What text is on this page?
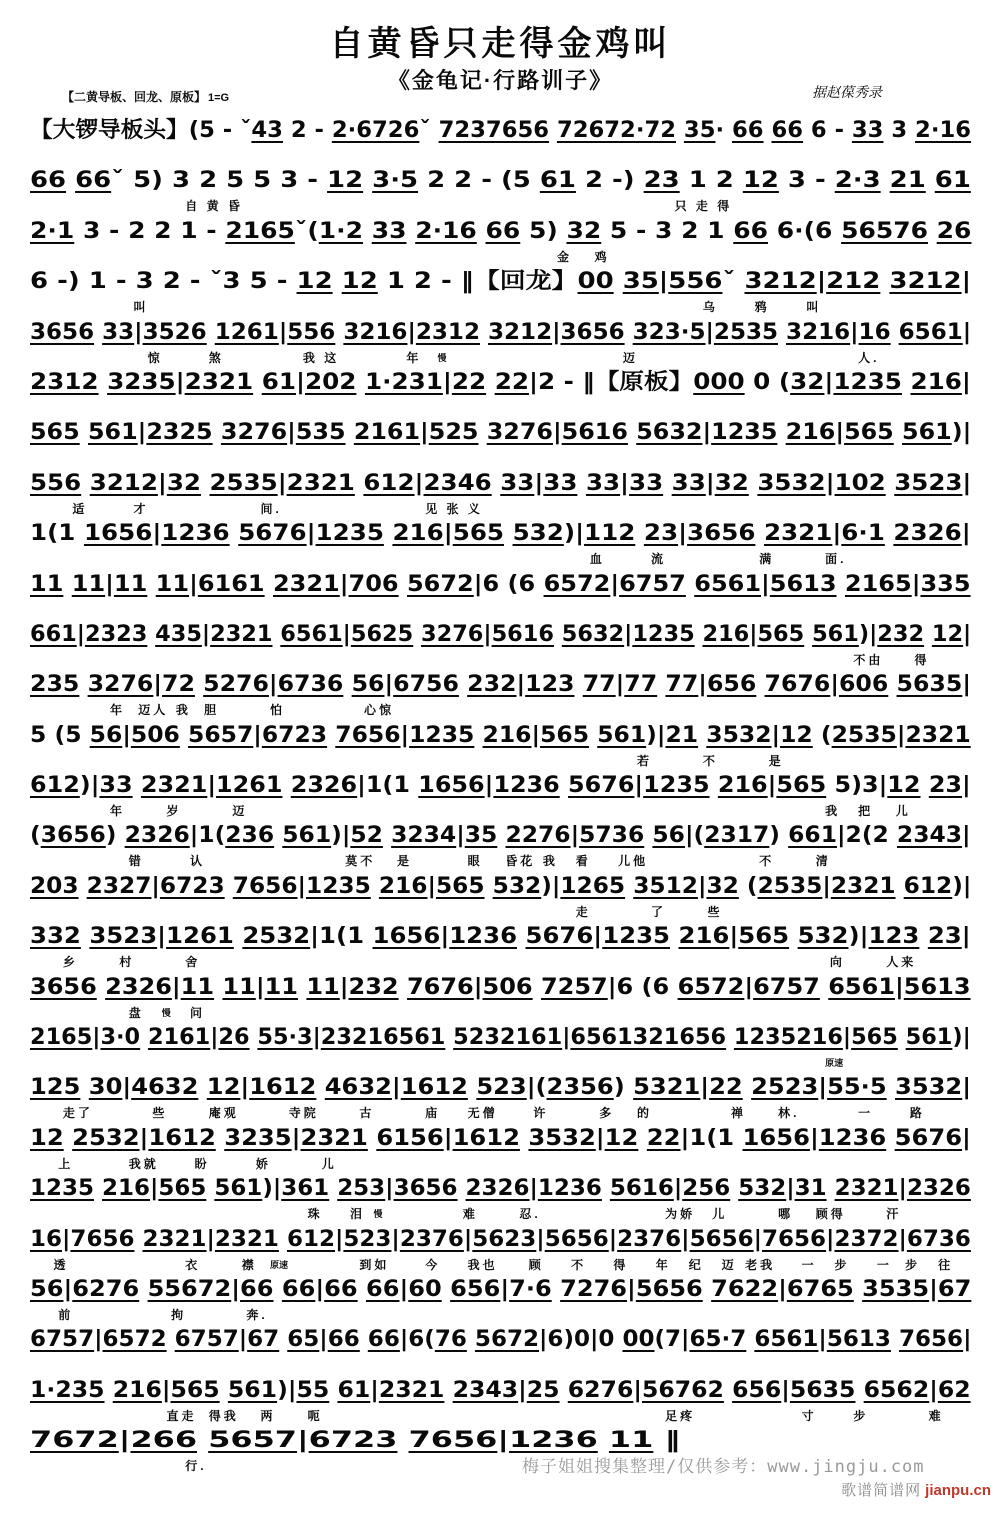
自黄昏只走得金鸡叫
《金龟记·行路训子》
【二黄导板、回龙、原板】 1=G	据赵葆秀录
【大锣导板头】(5 - ˇ43 2 - 2·6726ˇ 7237656 72672·72 35· 66 66 6 - 33 3 2·16
66 66ˇ 5) 3 2 5 5 3 - 12 3·5 2 2 - (5 61 2 -) 23 1 2 12 3 - 2·3 21 61
自 黄 昏	只 走 得
2·1 3 - 2 2 1 - 2165ˇ(1·2 33 2·16 66 5) 32 5 - 3 2 1 66 6·(6 56576 26
金 鸡
6 -) 1 - 3 2 - ˇ3 5 - 12 12 1 2 - ‖【回龙】00 35|556ˇ 3212|212 3212|
叫	乌	鸦	叫
3656 33|3526 1261|556 3216|2312 3212|3656 323·5|2535 3216|16 6561|
惊	煞	我 这	年 慢	迈	人.
2312 3235|2321 61|202 1·231|22 22|2 - ‖【原板】000 0 (32|1235 216|
565 561|2325 3276|535 2161|525 3276|5616 5632|1235 216|565 561)|
556 3212|32 2535|2321 612|2346 33|33 33|33 33|32 3532|102 3523|
适	才	间.	见 张 义
1(1 1656|1236 5676|1235 216|565 532)|112 23|3656 2321|6·1 2326|
血	流	满	面.
11 11|11 11|6161 2321|706 5672|6 (6 6572|6757 6561|5613 2165|335
661|2323 435|2321 6561|5625 3276|5616 5632|1235 216|565 561)|232 12|
不由	得
235 3276|72 5276|6736 56|6756 232|123 77|77 77|656 7676|606 5635|
年 迈人 我 胆	怕	心惊
5 (5 56|506 5657|6723 7656|1235 216|565 561)|21 3532|12 (2535|2321
若	不	是
612)|33 2321|1261 2326|1(1 1656|1236 5676|1235 216|565 5)3|12 23|
年	岁	迈	我 把 儿
(3656) 2326|1(236 561)|52 3234|35 2276|5736 56|(2317) 661|2(2 2343|
错	认	莫不 是	眼 昏花 我 看 儿他	不	清
203 2327|6723 7656|1235 216|565 532)|1265 3512|32 (2535|2321 612)|
走	了	些
332 3523|1261 2532|1(1 1656|1236 5676|1235 216|565 532)|123 23|
乡	村	舍	向	人来
3656 2326|11 11|11 11|232 7676|506 7257|6 (6 6572|6757 6561|5613
盘 慢 问
2165|3·0 2161|26 55·3|23216561 5232161|6561321656 1235216|565 561)|
原速
125 30|4632 12|1612 4632|1612 523|(2356) 5321|22 2523|55·5 3532|
走了	些	庵观	寺院	古	庙 无僧	许	多 的	禅	林.	一	路
12 2532|1612 3235|2321 6156|1612 3532|12 22|1(1 1656|1236 5676|
上	我就	盼	娇	儿
1235 216|565 561)|361 253|3656 2326|1236 5616|256 532|31 2321|2326
珠 泪 慢	难	忍.	为娇 儿	哪 顾得	汗
16|7656 2321|2321 612|523|2376|5623|5656|2376|5656|7656|2372|6736
透	衣	襟 原速	到如	今 我也	顾 不 得 年 纪 迈 老我 一 步 一 步 往
56|6276 55672|66 66|66 66|60 656|7·6 7276|5656 7622|6765 3535|67
前	拘	奔.
6757|6572 6757|67 65|66 66|6(76 5672|6)0|0 00(7|65·7 6561|5613 7656|
1·235 216|565 561)|55 61|2321 2343|25 6276|56762 656|5635 6562|62
直走 得我 两	呃	足疼	寸	步	难
7672|266 5657|6723 7656|1236 11 ‖
行.	梅子姐姐搜集整理/仅供参考：www.jingju.com
歌谱简谱网 jianpu.cn
